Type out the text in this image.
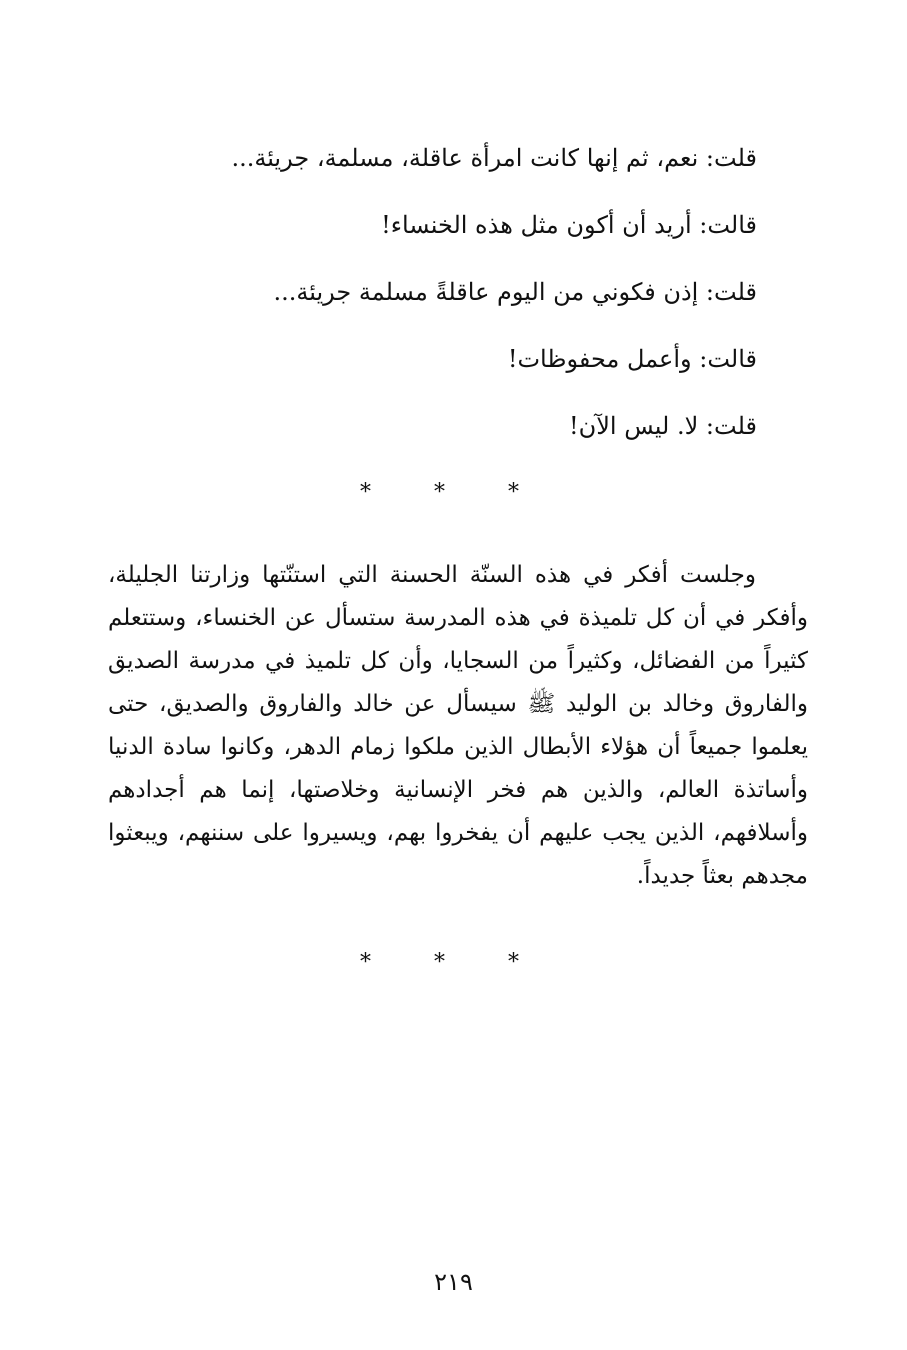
قلت: نعم، ثم إنها كانت امرأة عاقلة، مسلمة، جريئة...
قالت: أريد أن أكون مثل هذه الخنساء!
قلت: إذن فكوني من اليوم عاقلةً مسلمة جريئة...
قالت: وأعمل محفوظات!
قلت: لا. ليس الآن!
* * *
وجلست أفكر في هذه السنّة الحسنة التي استنّتها وزارتنا الجليلة، وأفكر في أن كل تلميذة في هذه المدرسة ستسأل عن الخنساء، وستتعلم كثيراً من الفضائل، وكثيراً من السجايا، وأن كل تلميذ في مدرسة الصديق والفاروق وخالد بن الوليد ﷺ سيسأل عن خالد والفاروق والصديق، حتى يعلموا جميعاً أن هؤلاء الأبطال الذين ملكوا زمام الدهر، وكانوا سادة الدنيا وأساتذة العالم، والذين هم فخر الإنسانية وخلاصتها، إنما هم أجدادهم وأسلافهم، الذين يجب عليهم أن يفخروا بهم، ويسيروا على سننهم، ويبعثوا مجدهم بعثاً جديداً.
* * *
٢١٩
